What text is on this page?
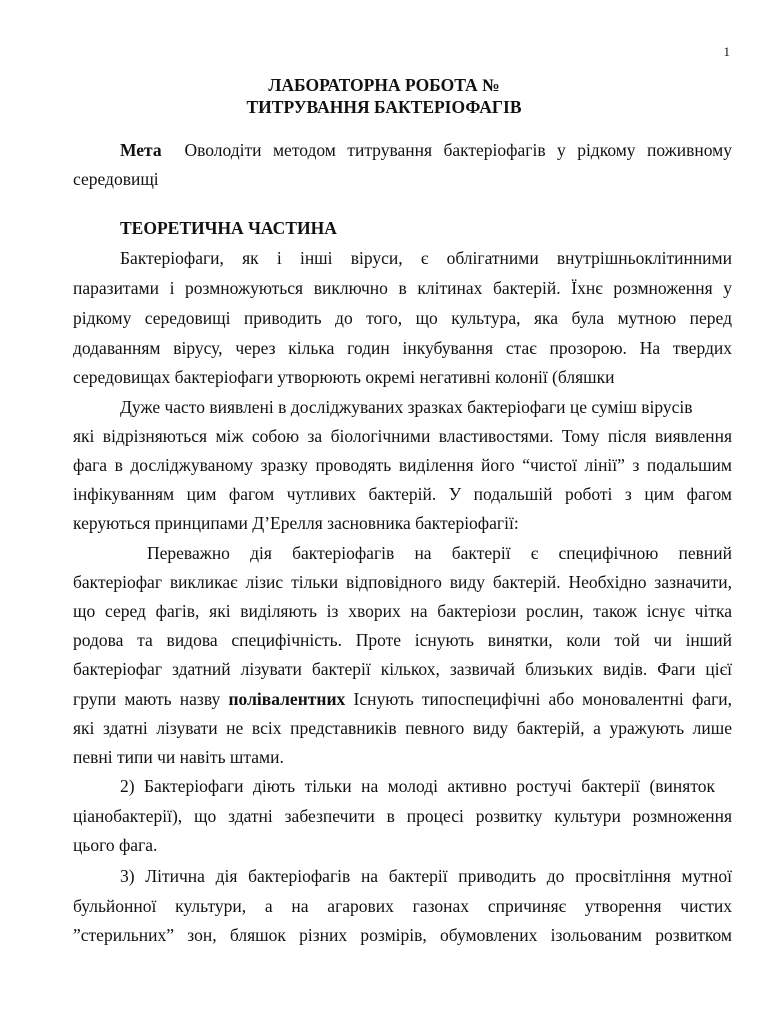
1
ЛАБОРАТОРНА РОБОТА №
ТИТРУВАННЯ БАКТЕРІОФАГІВ
Мета Оволодіти методом титрування бактеріофагів у рідкому поживному
середовищі
ТЕОРЕТИЧНА ЧАСТИНА
Бактеріофаги, як і інші віруси, є облігатними внутрішньоклітинними
паразитами і розмножуються виключно в клітинах бактерій. Їхнє розмноження у
рідкому середовищі приводить до того, що культура, яка була мутною перед
додаванням вірусу, через кілька годин інкубування стає прозорою. На твердих
середовищах бактеріофаги утворюють окремі негативні колонії (бляшки
Дуже часто виявлені в досліджуваних зразках бактеріофаги це суміш вірусів
які відрізняються між собою за біологічними властивостями. Тому після виявлення
фага в досліджуваному зразку проводять виділення його “чистої лінії” з подальшим
інфікуванням цим фагом чутливих бактерій. У подальшій роботі з цим фагом
керуються принципами Д’Ерелля засновника бактеріофагії:
Переважно дія бактеріофагів на бактерії є специфічною певний
бактеріофаг викликає лізис тільки відповідного виду бактерій. Необхідно зазначити,
що серед фагів, які виділяють із хворих на бактеріози рослин, також існує чітка
родова та видова специфічність. Проте існують винятки, коли той чи інший
бактеріофаг здатний лізувати бактерії кількох, зазвичай близьких видів. Фаги цієї
групи мають назву полівалентних Існують типоспецифічні або моновалентні фаги,
які здатні лізувати не всіх представників певного виду бактерій, а уражують лише
певні типи чи навіть штами.
2) Бактеріофаги діють тільки на молоді активно ростучі бактерії (виняток
ціанобактерії), що здатні забезпечити в процесі розвитку культури розмноження
цього фага.
3) Літична дія бактеріофагів на бактерії приводить до просвітління мутної
бульйонної культури, а на агарових газонах спричиняє утворення чистих
”стерильних” зон, бляшок різних розмірів, обумовлених ізольованим розвитком
